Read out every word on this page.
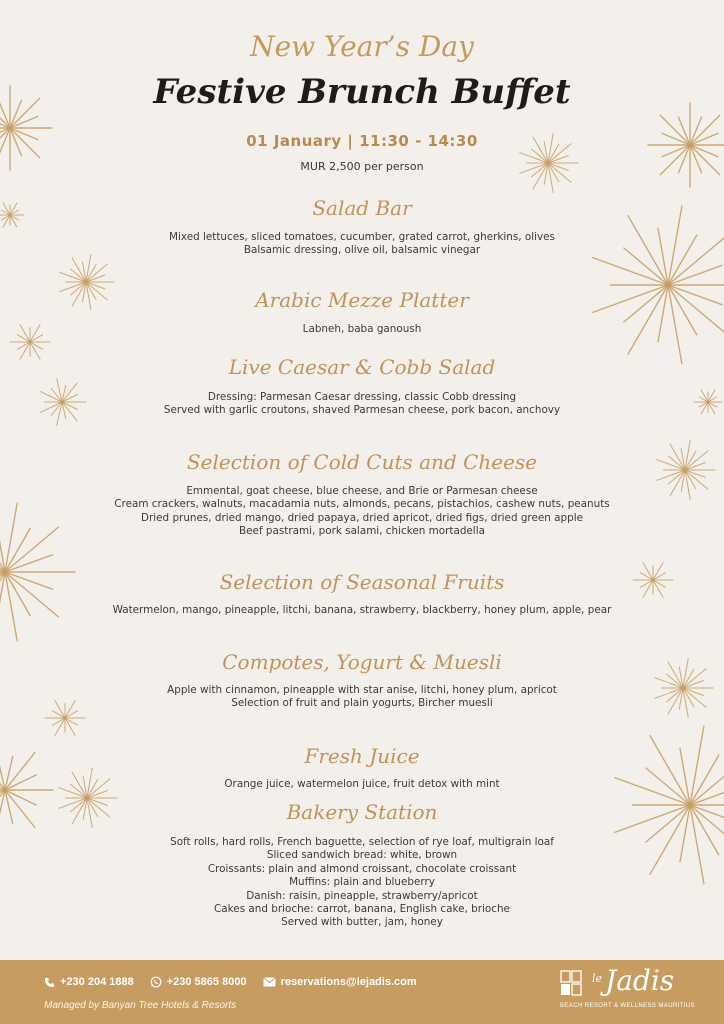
New Year’s Day
Festive Brunch Buffet
01 January | 11:30 - 14:30
MUR 2,500 per person
Salad Bar
Mixed lettuces, sliced tomatoes, cucumber, grated carrot, gherkins, olives
Balsamic dressing, olive oil, balsamic vinegar
Arabic Mezze Platter
Labneh, baba ganoush
Live Caesar & Cobb Salad
Dressing: Parmesan Caesar dressing, classic Cobb dressing
Served with garlic croutons, shaved Parmesan cheese, pork bacon, anchovy
Selection of Cold Cuts and Cheese
Emmental, goat cheese, blue cheese, and Brie or Parmesan cheese
Cream crackers, walnuts, macadamia nuts, almonds, pecans, pistachios, cashew nuts, peanuts
Dried prunes, dried mango, dried papaya, dried apricot, dried figs, dried green apple
Beef pastrami, pork salami, chicken mortadella
Selection of Seasonal Fruits
Watermelon, mango, pineapple, litchi, banana, strawberry, blackberry, honey plum, apple, pear
Compotes, Yogurt & Muesli
Apple with cinnamon, pineapple with star anise, litchi, honey plum, apricot
Selection of fruit and plain yogurts, Bircher muesli
Fresh Juice
Orange juice, watermelon juice, fruit detox with mint
Bakery Station
Soft rolls, hard rolls, French baguette, selection of rye loaf, multigrain loaf
Sliced sandwich bread: white, brown
Croissants: plain and almond croissant, chocolate croissant
Muffins: plain and blueberry
Danish: raisin, pineapple, strawberry/apricot
Cakes and brioche: carrot, banana, English cake, brioche
Served with butter, jam, honey
+230 204 1888	+230 5865 8000	reservations@lejadis.com
Managed by Banyan Tree Hotels & Resorts
le Jadis
BEACH RESORT & WELLNESS MAURITIUS
